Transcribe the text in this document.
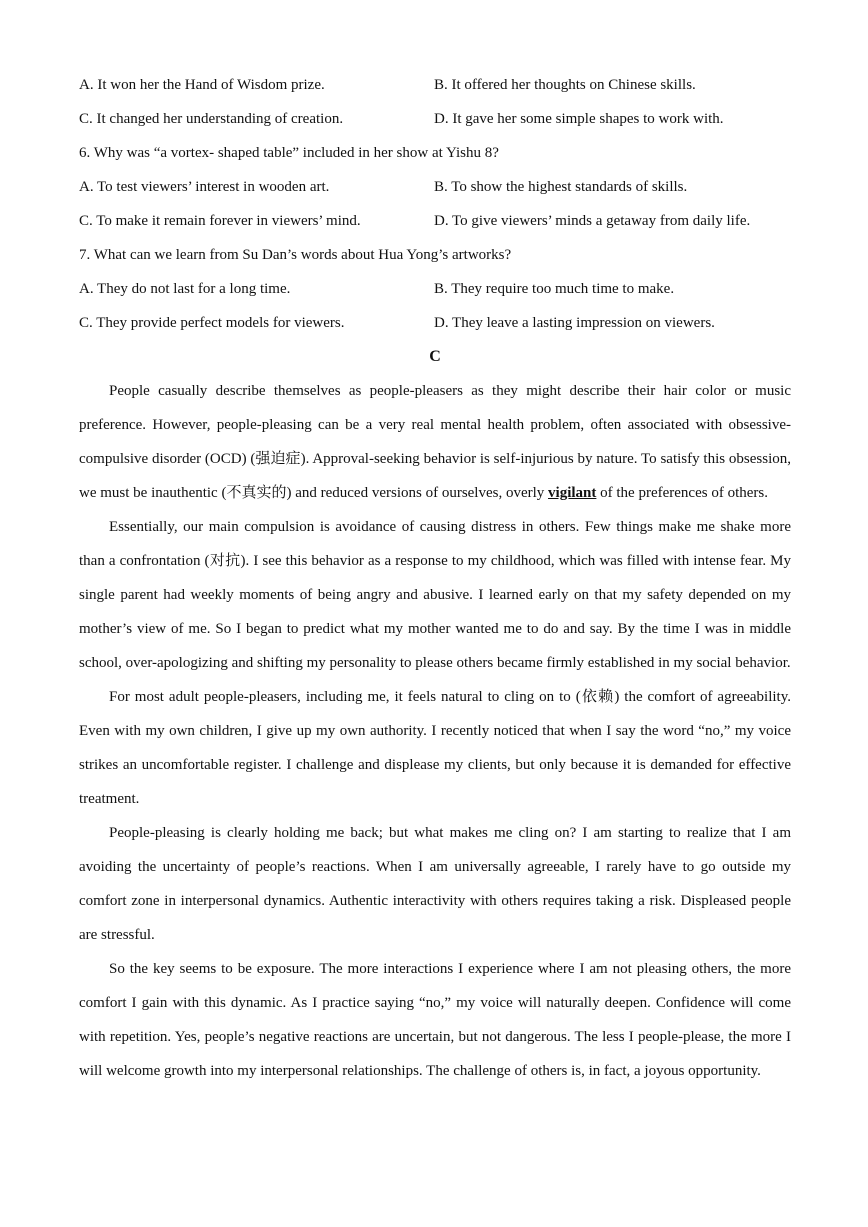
A. It won her the Hand of Wisdom prize.	B. It offered her thoughts on Chinese skills.
C. It changed her understanding of creation.	D. It gave her some simple shapes to work with.
6. Why was “a vortex- shaped table” included in her show at Yishu 8?
A. To test viewers’ interest in wooden art.	B. To show the highest standards of skills.
C. To make it remain forever in viewers’ mind.	D. To give viewers’ minds a getaway from daily life.
7. What can we learn from Su Dan’s words about Hua Yong’s artworks?
A. They do not last for a long time.	B. They require too much time to make.
C. They provide perfect models for viewers.	D. They leave a lasting impression on viewers.
C

People casually describe themselves as people-pleasers as they might describe their hair color or music preference. However, people-pleasing can be a very real mental health problem, often associated with obsessive-compulsive disorder (OCD) (强迫症). Approval-seeking behavior is self-injurious by nature. To satisfy this obsession, we must be inauthentic (不真实的) and reduced versions of ourselves, overly vigilant of the preferences of others.

Essentially, our main compulsion is avoidance of causing distress in others. Few things make me shake more than a confrontation (对抗). I see this behavior as a response to my childhood, which was filled with intense fear. My single parent had weekly moments of being angry and abusive. I learned early on that my safety depended on my mother’s view of me. So I began to predict what my mother wanted me to do and say. By the time I was in middle school, over-apologizing and shifting my personality to please others became firmly established in my social behavior.

For most adult people-pleasers, including me, it feels natural to cling on to (依赖) the comfort of agreeability. Even with my own children, I give up my own authority. I recently noticed that when I say the word “no,” my voice strikes an uncomfortable register. I challenge and displease my clients, but only because it is demanded for effective treatment.

People-pleasing is clearly holding me back; but what makes me cling on? I am starting to realize that I am avoiding the uncertainty of people’s reactions. When I am universally agreeable, I rarely have to go outside my comfort zone in interpersonal dynamics. Authentic interactivity with others requires taking a risk. Displeased people are stressful.

So the key seems to be exposure. The more interactions I experience where I am not pleasing others, the more comfort I gain with this dynamic. As I practice saying “no,” my voice will naturally deepen. Confidence will come with repetition. Yes, people’s negative reactions are uncertain, but not dangerous. The less I people-please, the more I will welcome growth into my interpersonal relationships. The challenge of others is, in fact, a joyous opportunity.
